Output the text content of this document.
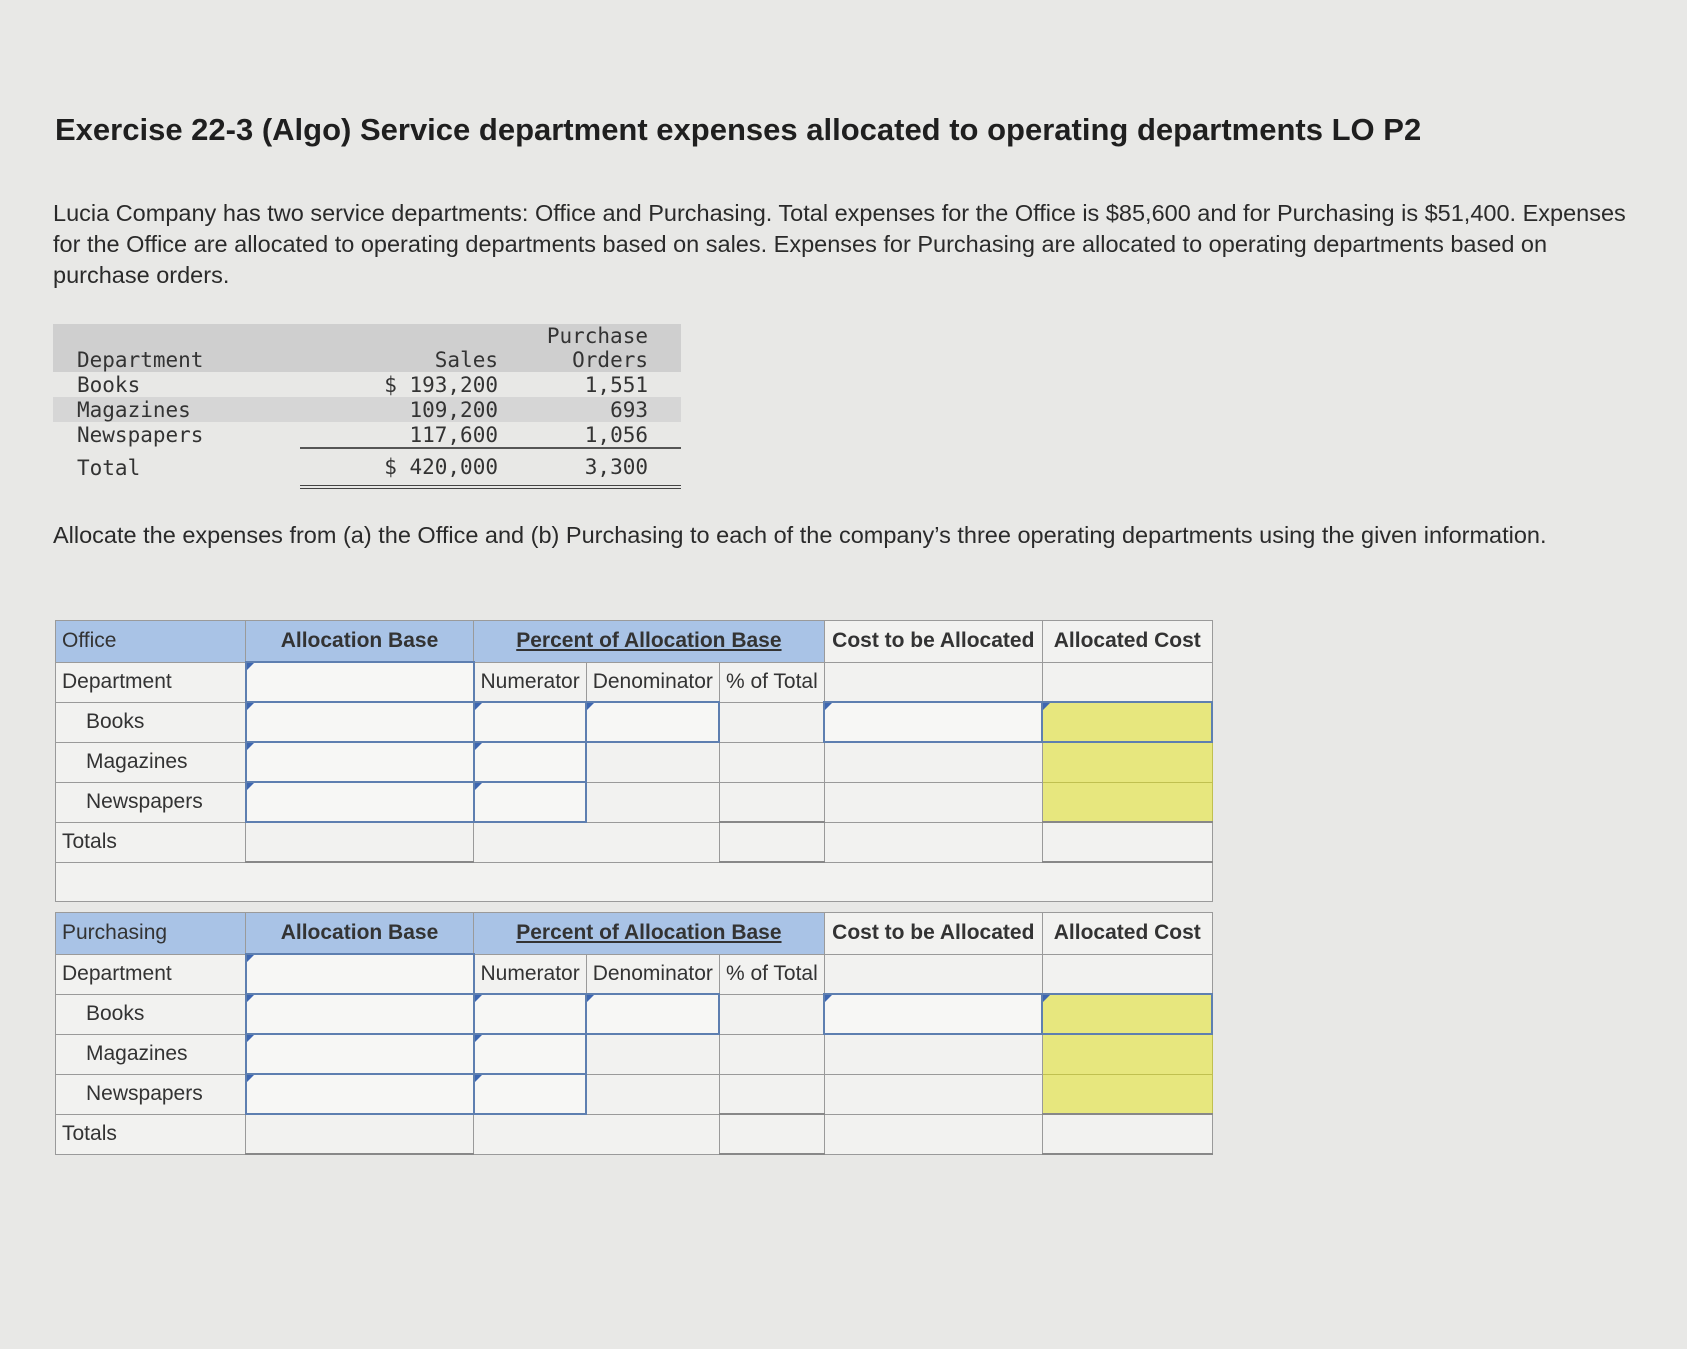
Exercise 22-3 (Algo) Service department expenses allocated to operating departments LO P2

Lucia Company has two service departments: Office and Purchasing. Total expenses for the Office is $85,600 and for Purchasing is $51,400. Expenses for the Office are allocated to operating departments based on sales. Expenses for Purchasing are allocated to operating departments based on purchase orders.

Department	Sales	Purchase
Orders
Books	$ 193,200	1,551
Magazines	109,200	693
Newspapers	117,600	1,056
Total	$ 420,000	3,300

Allocate the expenses from (a) the Office and (b) Purchasing to each of the company’s three operating departments using the given information.

Office	Allocation Base	Percent of Allocation Base			Cost to be Allocated	Allocated Cost
Department		Numerator	Denominator	% of Total		
Books						
Magazines						
Newspapers						
Totals						

Purchasing	Allocation Base	Percent of Allocation Base			Cost to be Allocated	Allocated Cost
Department		Numerator	Denominator	% of Total		
Books						
Magazines						
Newspapers						
Totals						
